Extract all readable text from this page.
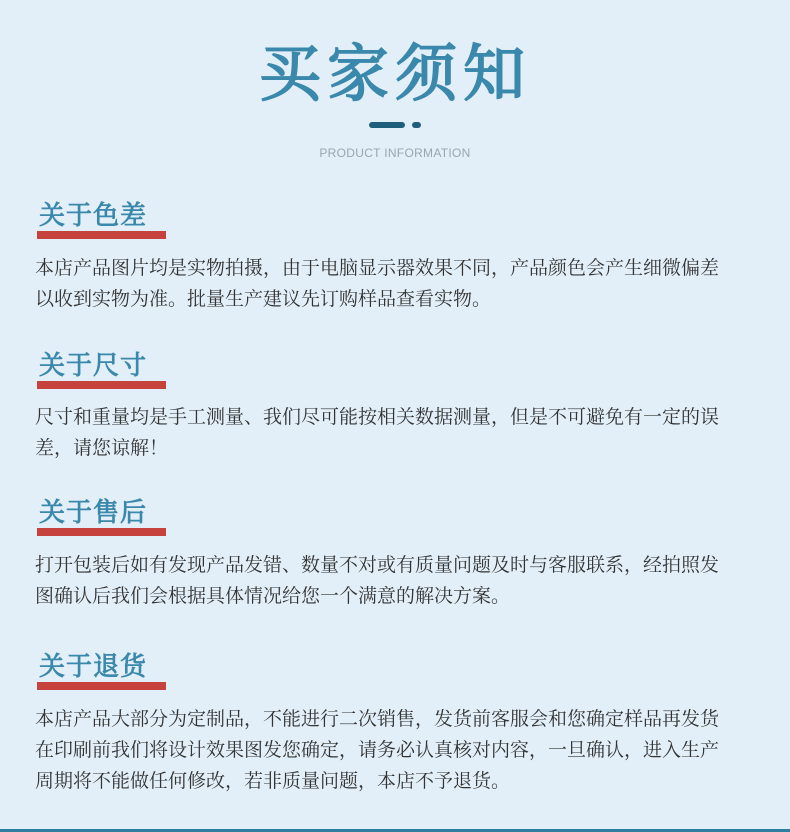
买家须知
PRODUCT INFORMATION
关于色差

本店产品图片均是实物拍摄，由于电脑显示器效果不同，产品颜色会产生细微偏差
以收到实物为准。批量生产建议先订购样品查看实物。

关于尺寸

尺寸和重量均是手工测量、我们尽可能按相关数据测量，但是不可避免有一定的误
差，请您谅解！

关于售后

打开包装后如有发现产品发错、数量不对或有质量问题及时与客服联系，经拍照发
图确认后我们会根据具体情况给您一个满意的解决方案。

关于退货

本店产品大部分为定制品，不能进行二次销售，发货前客服会和您确定样品再发货
在印刷前我们将设计效果图发您确定，请务必认真核对内容，一旦确认，进入生产
周期将不能做任何修改，若非质量问题，本店不予退货。
